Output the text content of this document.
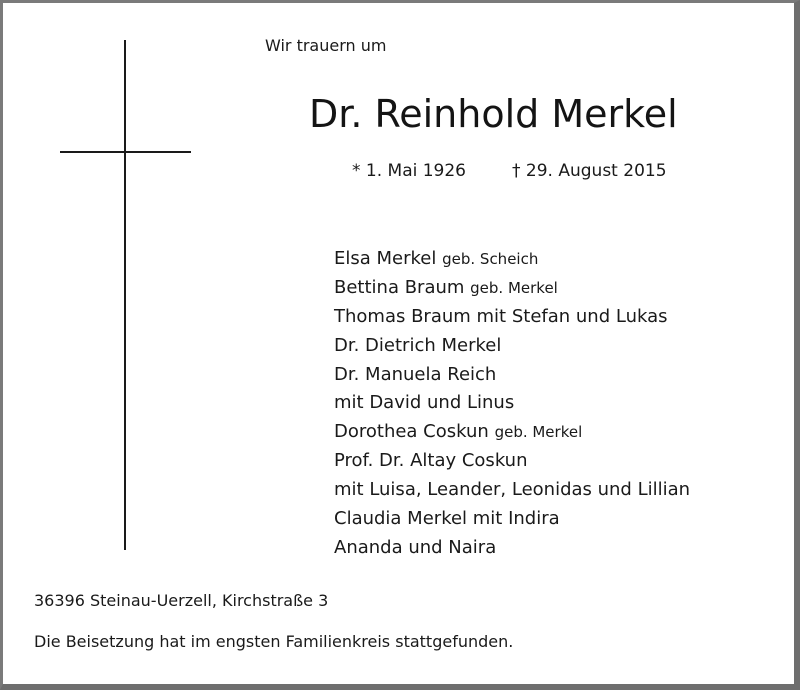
Wir trauern um
Dr. Reinhold Merkel
* 1. Mai 1926	† 29. August 2015
Elsa Merkel geb. Scheich
Bettina Braum geb. Merkel
Thomas Braum mit Stefan und Lukas
Dr. Dietrich Merkel
Dr. Manuela Reich
mit David und Linus
Dorothea Coskun geb. Merkel
Prof. Dr. Altay Coskun
mit Luisa, Leander, Leonidas und Lillian
Claudia Merkel mit Indira
Ananda und Naira
36396 Steinau-Uerzell, Kirchstraße 3
Die Beisetzung hat im engsten Familienkreis stattgefunden.
